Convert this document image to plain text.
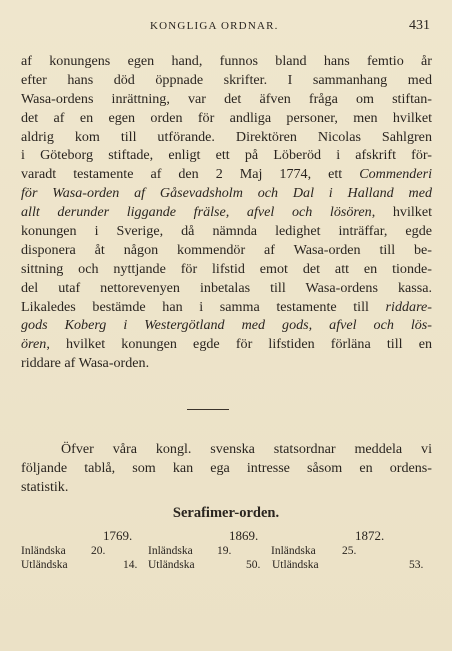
KONGLIGA ORDNAR.	431
af konungens egen hand, funnos bland hans femtio år
efter hans död öppnade skrifter. I sammanhang med
Wasa-ordens inrättning, var det äfven fråga om stiftan-
det af en egen orden för andliga personer, men hvilket
aldrig kom till utförande. Direktören Nicolas Sahlgren
i Göteborg stiftade, enligt ett på Löberöd i afskrift för-
varadt testamente af den 2 Maj 1774, ett Commenderi
för Wasa-orden af Gåsevadsholm och Dal i Halland med
allt derunder liggande frälse, afvel och lösören, hvilket
konungen i Sverige, då nämnda ledighet inträffar, egde
disponera åt någon kommendör af Wasa-orden till be-
sittning och nyttjande för lifstid emot det att en tionde-
del utaf nettorevenyen inbetalas till Wasa-ordens kassa.
Likaledes bestämde han i samma testamente till riddare-
gods Koberg i Westergötland med gods, afvel och lös-
ören, hvilket konungen egde för lifstiden förläna till en
riddare af Wasa-orden.
Öfver våra kongl. svenska statsordnar meddela vi
följande tablå, som kan ega intresse såsom en ordens-
statistik.
Serafimer-orden.
1769.	1869.	1872.
Inländska 20.	Inländska 19.	Inländska 25.
Utländska	14. Utländska	50. Utländska	53.
